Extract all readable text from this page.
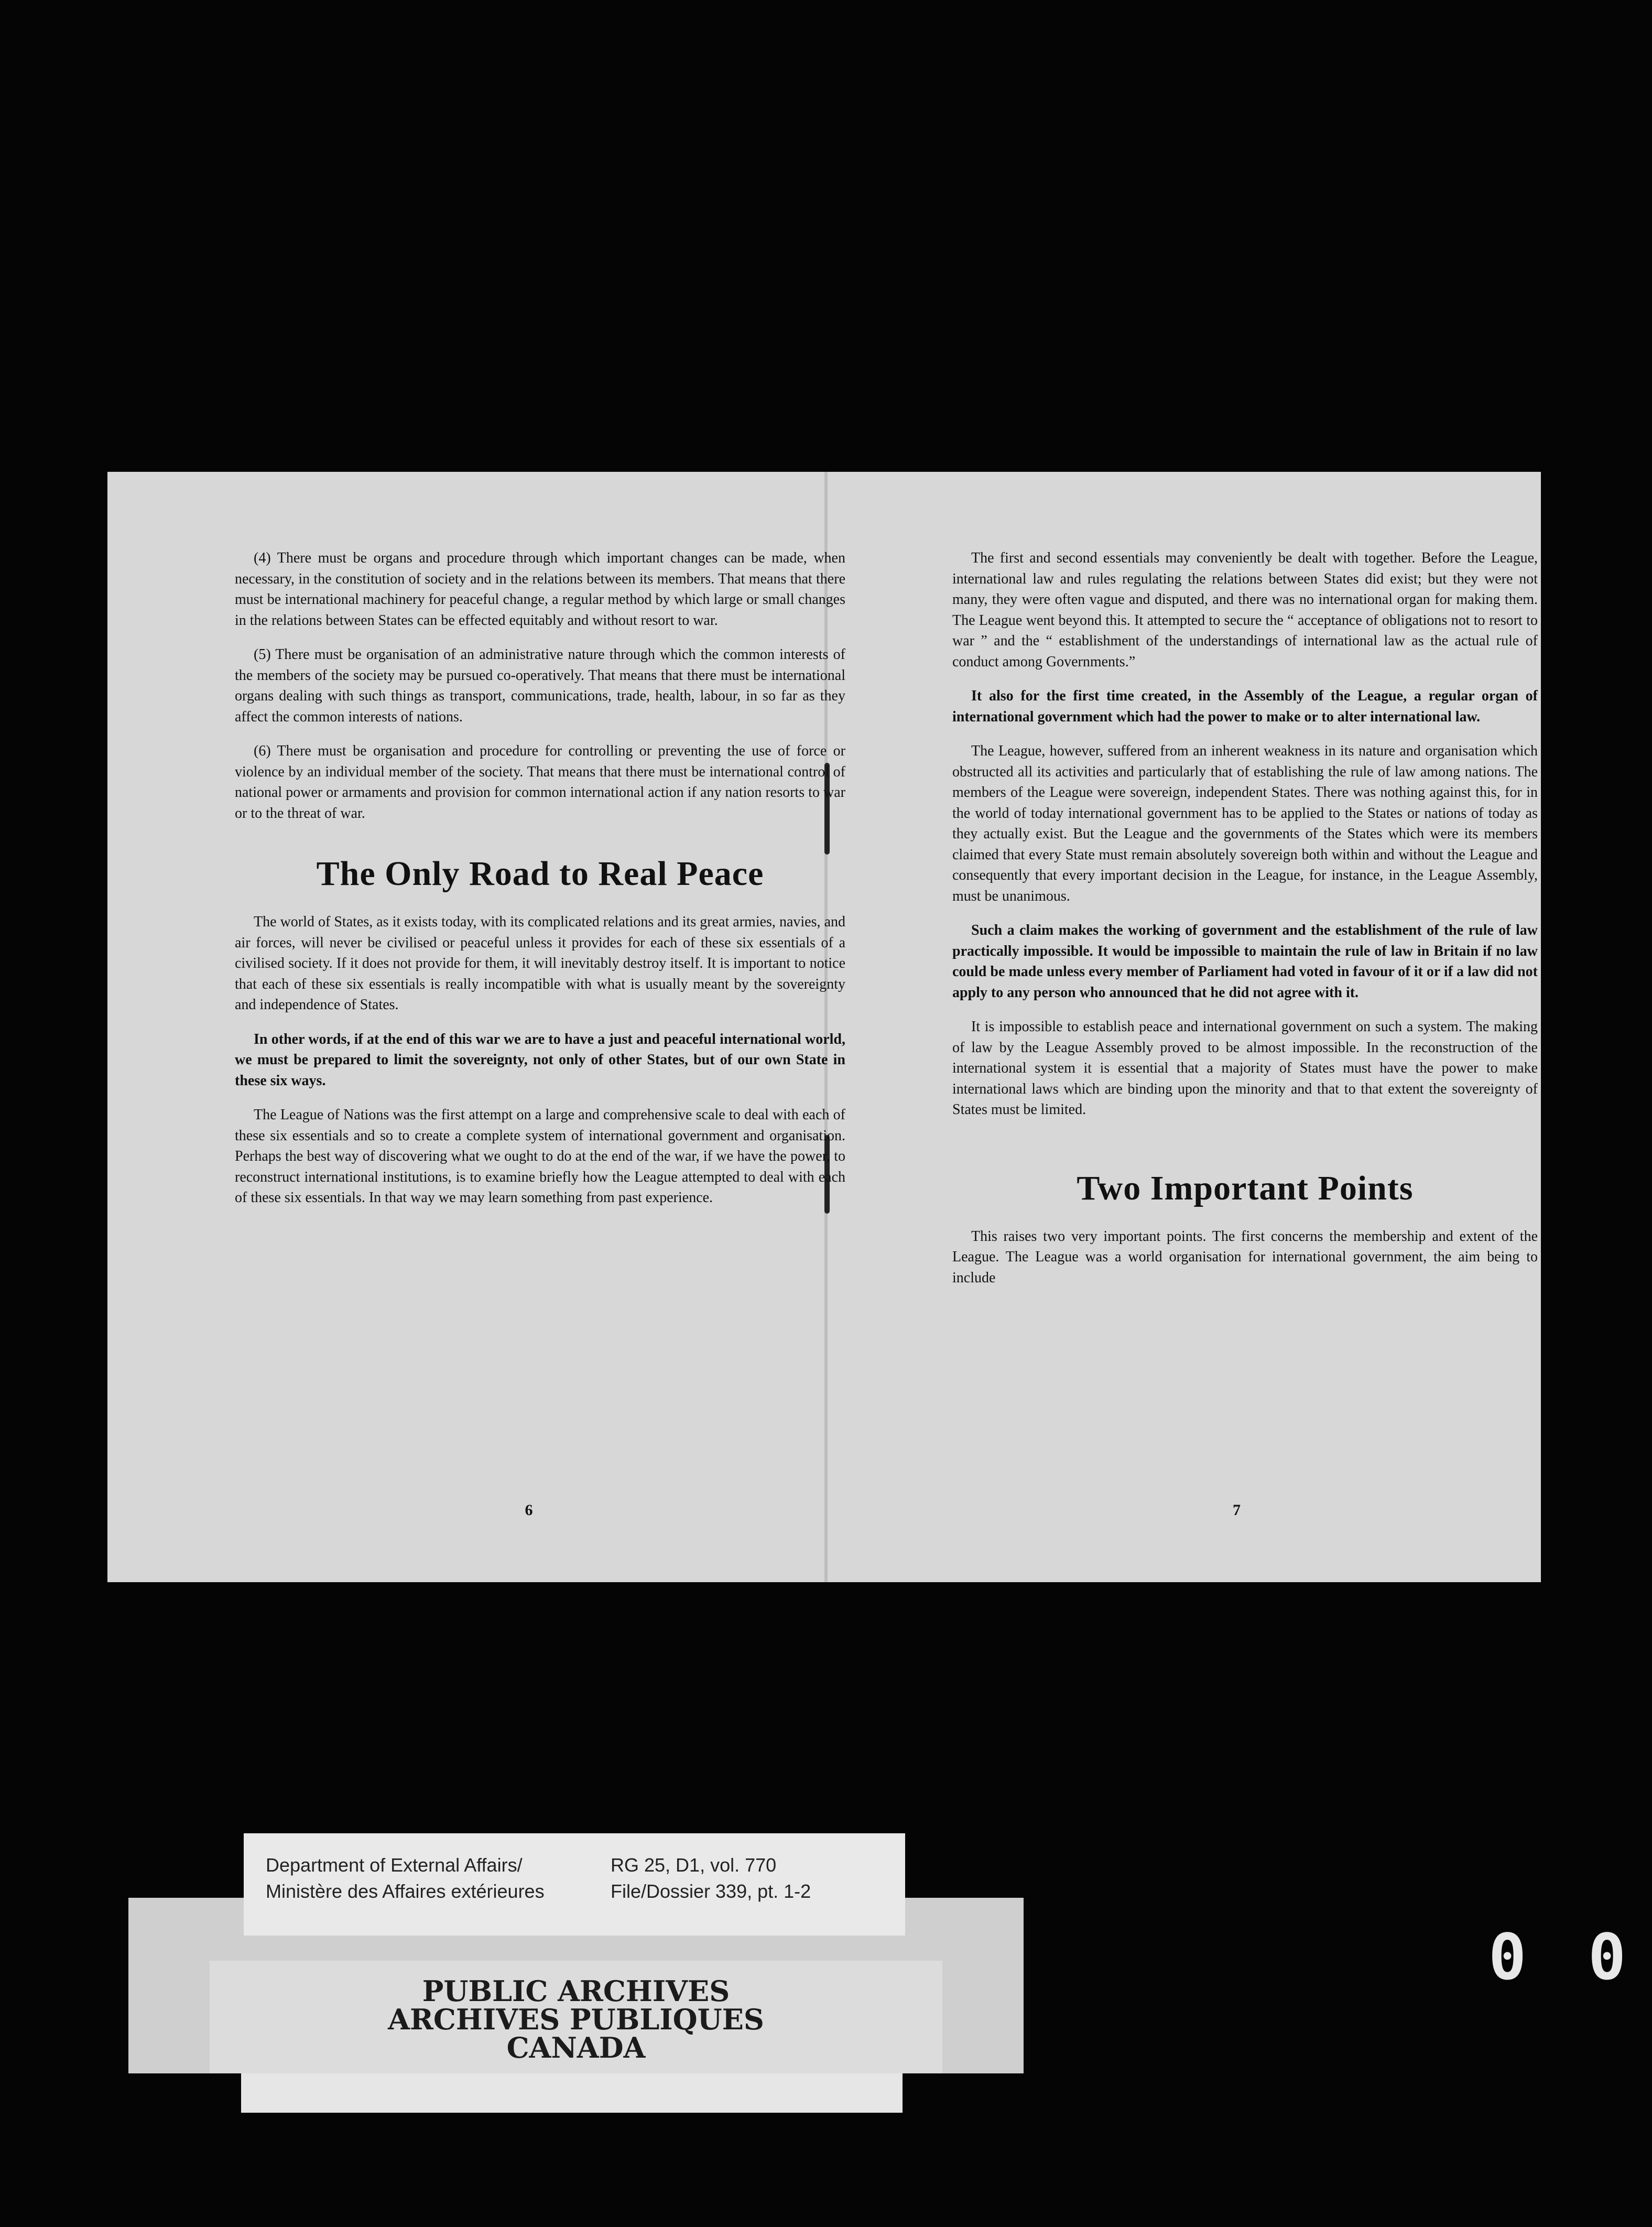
(4) There must be organs and procedure through which important changes can be made, when necessary, in the constitution of society and in the relations between its members. That means that there must be international machinery for peaceful change, a regular method by which large or small changes in the relations between States can be effected equitably and without resort to war.

(5) There must be organisation of an administrative nature through which the common interests of the members of the society may be pursued co-operatively. That means that there must be international organs dealing with such things as transport, communications, trade, health, labour, in so far as they affect the common interests of nations.

(6) There must be organisation and procedure for controlling or preventing the use of force or violence by an individual member of the society. That means that there must be international control of national power or armaments and provision for common international action if any nation resorts to war or to the threat of war.

The Only Road to Real Peace

The world of States, as it exists today, with its complicated relations and its great armies, navies, and air forces, will never be civilised or peaceful unless it provides for each of these six essentials of a civilised society. If it does not provide for them, it will inevitably destroy itself. It is important to notice that each of these six essentials is really incompatible with what is usually meant by the sovereignty and independence of States.

In other words, if at the end of this war we are to have a just and peaceful international world, we must be prepared to limit the sovereignty, not only of other States, but of our own State in these six ways.

The League of Nations was the first attempt on a large and comprehensive scale to deal with each of these six essentials and so to create a complete system of international government and organisation. Perhaps the best way of discovering what we ought to do at the end of the war, if we have the power, to reconstruct international institutions, is to examine briefly how the League attempted to deal with each of these six essentials. In that way we may learn something from past experience.

6

The first and second essentials may conveniently be dealt with together. Before the League, international law and rules regulating the relations between States did exist; but they were not many, they were often vague and disputed, and there was no international organ for making them. The League went beyond this. It attempted to secure the “ acceptance of obligations not to resort to war ” and the “ establishment of the understandings of international law as the actual rule of conduct among Governments.”

It also for the first time created, in the Assembly of the League, a regular organ of international government which had the power to make or to alter international law.

The League, however, suffered from an inherent weakness in its nature and organisation which obstructed all its activities and particularly that of establishing the rule of law among nations. The members of the League were sovereign, independent States. There was nothing against this, for in the world of today international government has to be applied to the States or nations of today as they actually exist. But the League and the governments of the States which were its members claimed that every State must remain absolutely sovereign both within and without the League and consequently that every important decision in the League, for instance, in the League Assembly, must be unanimous.

Such a claim makes the working of government and the establishment of the rule of law practically impossible. It would be impossible to maintain the rule of law in Britain if no law could be made unless every member of Parliament had voted in favour of it or if a law did not apply to any person who announced that he did not agree with it.

It is impossible to establish peace and international government on such a system. The making of law by the League Assembly proved to be almost impossible. In the reconstruction of the international system it is essential that a majority of States must have the power to make international laws which are binding upon the minority and that to that extent the sovereignty of States must be limited.

Two Important Points

This raises two very important points. The first concerns the membership and extent of the League. The League was a world organisation for international government, the aim being to include

7
PUBLIC ARCHIVES
ARCHIVES PUBLIQUES
CANADA
Department of External Affairs/
Ministère des Affaires extérieures
RG 25, D1, vol. 770
File/Dossier 339, pt. 1-2
0 0
